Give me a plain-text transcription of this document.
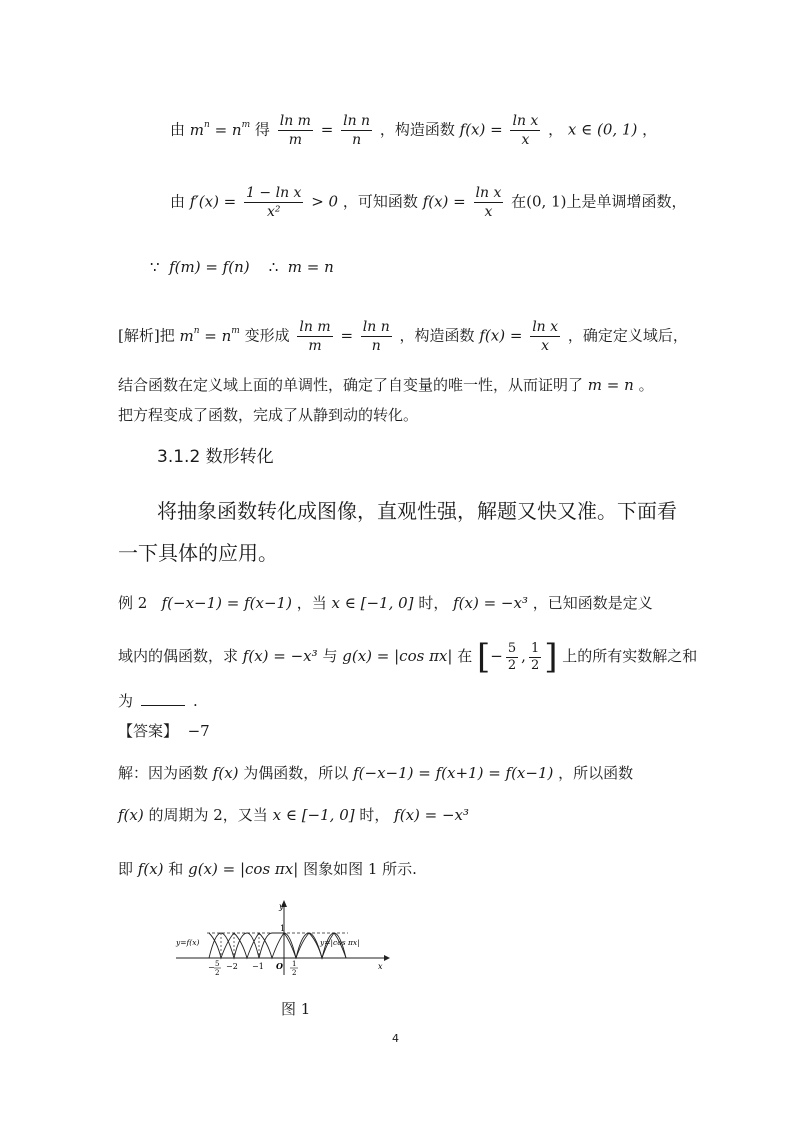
由 $m^n = n^m$ 得 $\frac{\text{ln m}}{m} = \frac{\text{ln n}}{n}$ ，构造函数 $f(x) = \frac{\text{ln x}}{x}$ ， x ∈ (0, 1) ，
由 $f'(x) = \frac{\text{1 − ln x}}{\text{x²}} > 0$ ，可知函数 $f(x) = \frac{\text{ln x}}{x}$ 在(0, 1)上是单调增函数，
∵ f(m) = f(n) ∴ m = n
[解析]把 $m^n = n^m$ 变形成 $\frac{\text{ln m}}{m} = \frac{\text{ln n}}{n}$ ，构造函数 $f(x) = \frac{\text{ln x}}{x}$ ，确定定义域后，
结合函数在定义域上面的单调性，确定了自变量的唯一性，从而证明了 m = n 。
把方程变成了函数，完成了从静到动的转化。
3.1.2 数形转化
将抽象函数转化成图像，直观性强，解题又快又准。下面看
一下具体的应用。
例 2 f(−x−1) = f(x−1) ，当 x ∈ [−1, 0] 时， f(x) = −x³ ，已知函数是定义
域内的偶函数，求 f(x) = −x³ 与 g(x) = |cos πx| 在 [− $\frac{5}{2}$ , $\frac{1}{2}$ ] 上的所有实数解之和
为	.
【答案】 −7
解：因为函数 f(x) 为偶函数，所以 f(−x−1) = f(x+1) = f(x−1) ，所以函数
f(x) 的周期为 2，又当 x ∈ [−1, 0] 时， f(x) = −x³
即 f(x) 和 g(x) = |cos πx| 图象如图 1 所示.
y
x
1
y=f(x)	y=|cos πx|
− 5
2
−2 −1 O 1
2
图 1
4
